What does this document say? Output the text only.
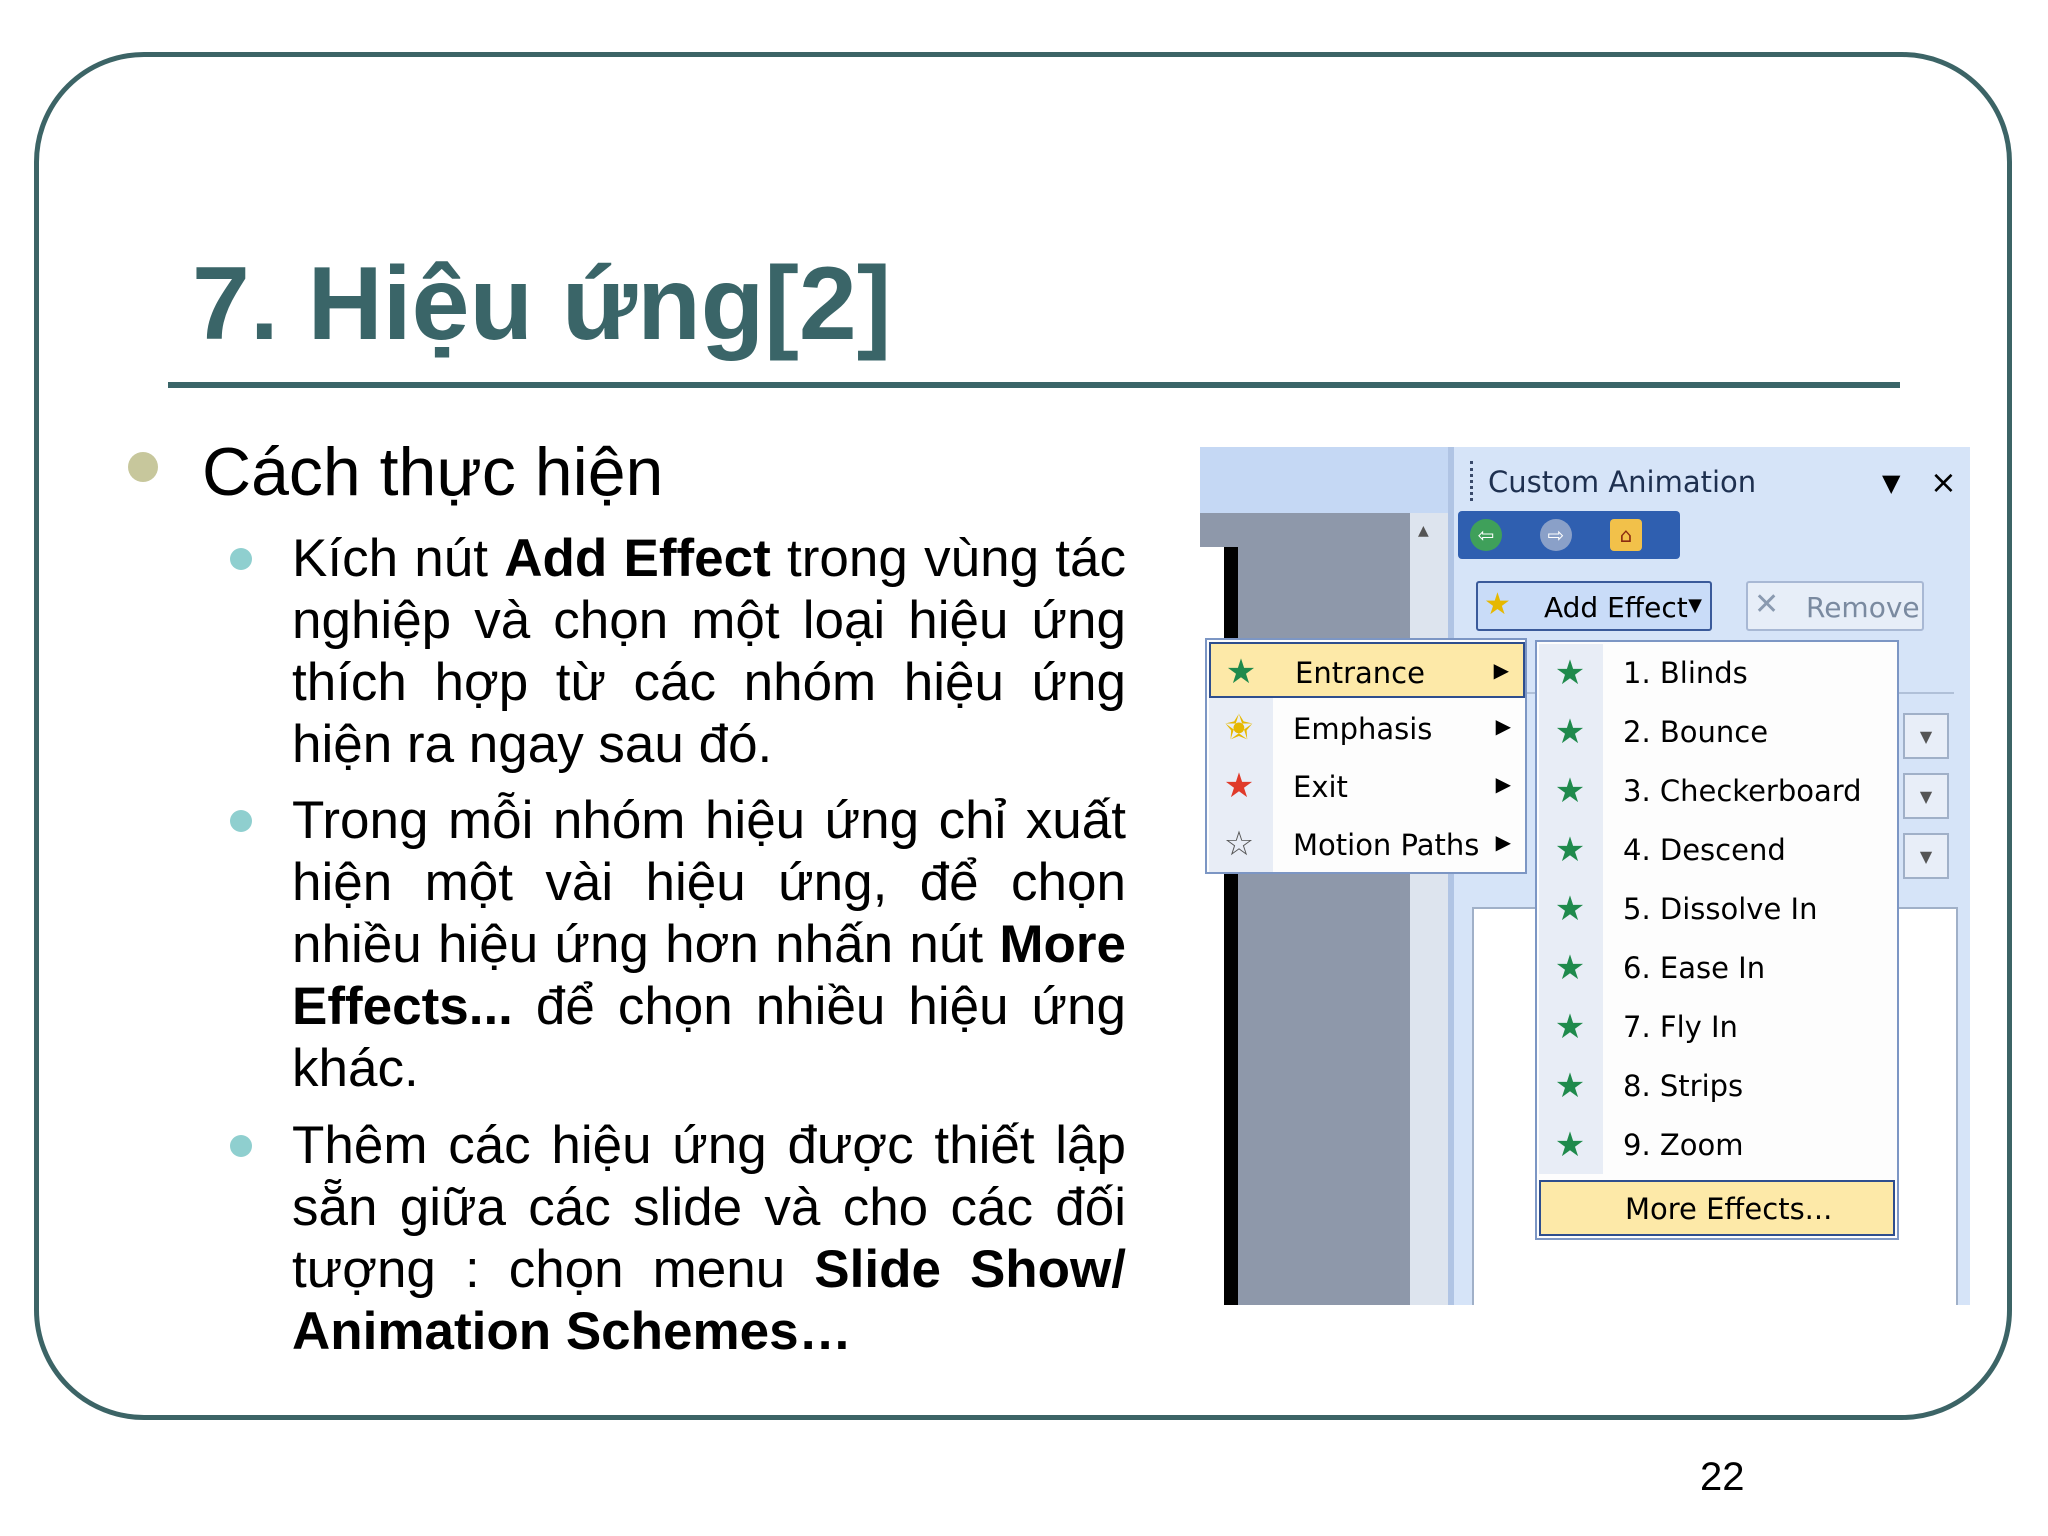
7. Hiệu ứng[2]
Cách thực hiện
Kích nút Add Effect trong vùng tác nghiệp và chọn một loại hiệu ứng thích hợp từ các nhóm hiệu ứng hiện ra ngay sau đó.
Trong mỗi nhóm hiệu ứng chỉ xuất hiện một vài hiệu ứng, để chọn nhiều hiệu ứng hơn nhấn nút More Effects... để chọn nhiều hiệu ứng khác.
Thêm các hiệu ứng được thiết lập sẵn giữa các slide và cho các đối tượng : chọn menu Slide Show/ Animation Schemes…
22
▲
Custom Animation	▼ ×
⇦	⇨	⌂
★ Add Effect ▼ ✕ Remove
▼
▼
▼
★ Entrance	▶
✬ Emphasis	▶
★ Exit	▶
☆ Motion Paths ▶
★ 1. Blinds
★ 2. Bounce
★ 3. Checkerboard
★ 4. Descend
★ 5. Dissolve In
★ 6. Ease In
★ 7. Fly In
★ 8. Strips
★ 9. Zoom
More Effects...
